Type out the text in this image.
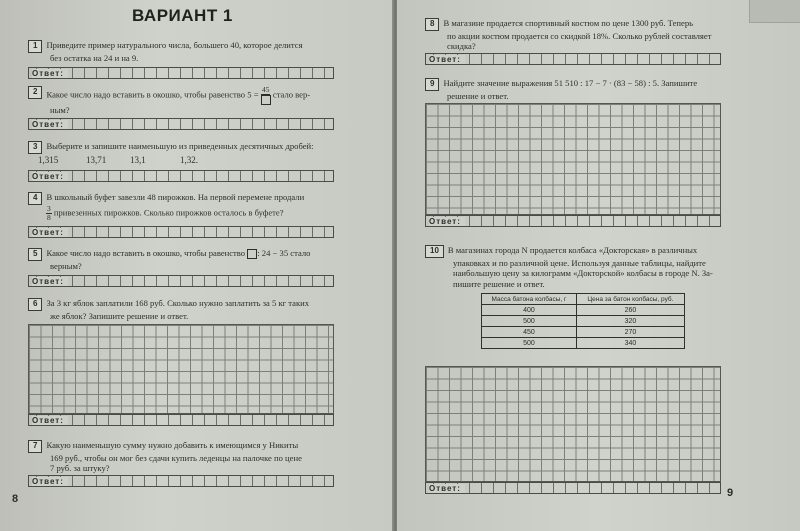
ВАРИАНТ 1
1 Приведите пример натурального числа, большего 40, которое делится
без остатка на 24 и на 9.
Ответ:
2 Какое число надо вставить в окошко, чтобы равенство 5 = 45 стало вер-
ным?
Ответ:
3 Выберите и запишите наименьшую из приведенных десятичных дробей:
1,315	13,71	13,1	1,32.
Ответ:
4 В школьный буфет завезли 48 пирожков. На первой перемене продали

$\frac{3}{8}$ привезенных пирожков. Сколько пирожков осталось в буфете?
Ответ:
5 Какое число надо вставить в окошко, чтобы равенство : 24 − 35 стало
верным?
Ответ:
6 За 3 кг яблок заплатили 168 руб. Сколько нужно заплатить за 5 кг таких
же яблок? Запишите решение и ответ.
Ответ:
7 Какую наименьшую сумму нужно добавить к имеющимся у Никиты
169 руб., чтобы он мог без сдачи купить леденцы на палочке по цене
7 руб. за штуку?
Ответ:
8
8 В магазине продается спортивный костюм по цене 1300 руб. Теперь
по акции костюм продается со скидкой 18%. Сколько рублей составляет
скидка?
Ответ:
9 Найдите значение выражения 51 510 : 17 − 7 · (83 − 58) : 5. Запишите
решение и ответ.
Ответ:
10 В магазинах города N продается колбаса «Докторская» в различных
упаковках и по различной цене. Используя данные таблицы, найдите
наибольшую цену за килограмм «Докторской» колбасы в городе N. За-
пишите решение и ответ.
Масса батона колбасы, г	Цена за батон колбасы, руб.
400	260
500	320
450	270
500	340
Ответ:	9
